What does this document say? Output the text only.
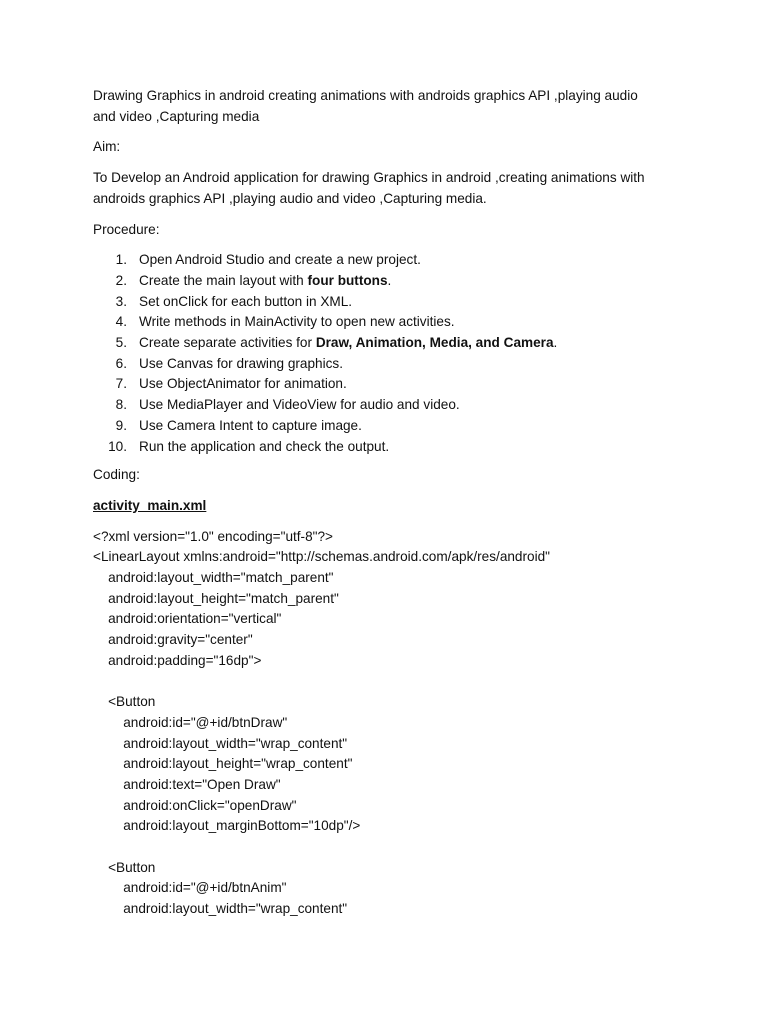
Drawing Graphics in android creating animations with androids graphics API ,playing audio
and video ,Capturing media
Aim:
To Develop an Android application for drawing Graphics in android ,creating animations with
androids graphics API ,playing audio and video ,Capturing media.
Procedure:
1. Open Android Studio and create a new project.
2. Create the main layout with four buttons.
3. Set onClick for each button in XML.
4. Write methods in MainActivity to open new activities.
5. Create separate activities for Draw, Animation, Media, and Camera.
6. Use Canvas for drawing graphics.
7. Use ObjectAnimator for animation.
8. Use MediaPlayer and VideoView for audio and video.
9. Use Camera Intent to capture image.
10. Run the application and check the output.
Coding:
activity_main.xml
<?xml version="1.0" encoding="utf-8"?>
<LinearLayout xmlns:android="http://schemas.android.com/apk/res/android"
android:layout_width="match_parent"
android:layout_height="match_parent"
android:orientation="vertical"
android:gravity="center"
android:padding="16dp">
<Button
android:id="@+id/btnDraw"
android:layout_width="wrap_content"
android:layout_height="wrap_content"
android:text="Open Draw"
android:onClick="openDraw"
android:layout_marginBottom="10dp"/>
<Button
android:id="@+id/btnAnim"
android:layout_width="wrap_content"
